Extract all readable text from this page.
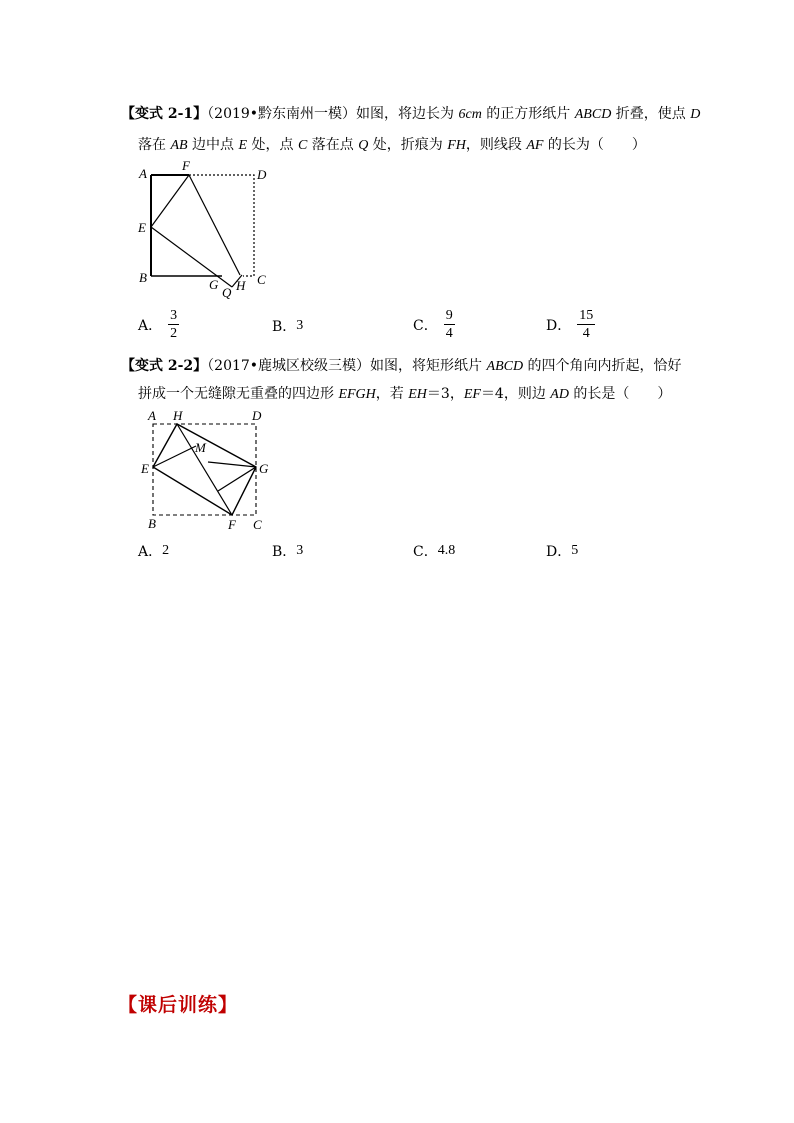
【变式 2-1】（2019•黔东南州一模）如图，将边长为 6cm 的正方形纸片 ABCD 折叠，使点 D
落在 AB 边中点 E 处，点 C 落在点 Q 处，折痕为 FH，则线段 AF 的长为（　　）
A
F
D
E
B	G
Q H C
A． $\frac{3}{2}$	B． 3	C． $\frac{9}{4}$	D． $\frac{15}{4}$
【变式 2-2】（2017•鹿城区校级三模）如图，将矩形纸片 ABCD 的四个角向内折起，恰好
拼成一个无缝隙无重叠的四边形 EFGH，若 EH＝3，EF＝4，则边 AD 的长是（　　）
A H	D
M
E	G
B	F C
A． 2	B． 3	C． 4.8	D． 5
【课后训练】
